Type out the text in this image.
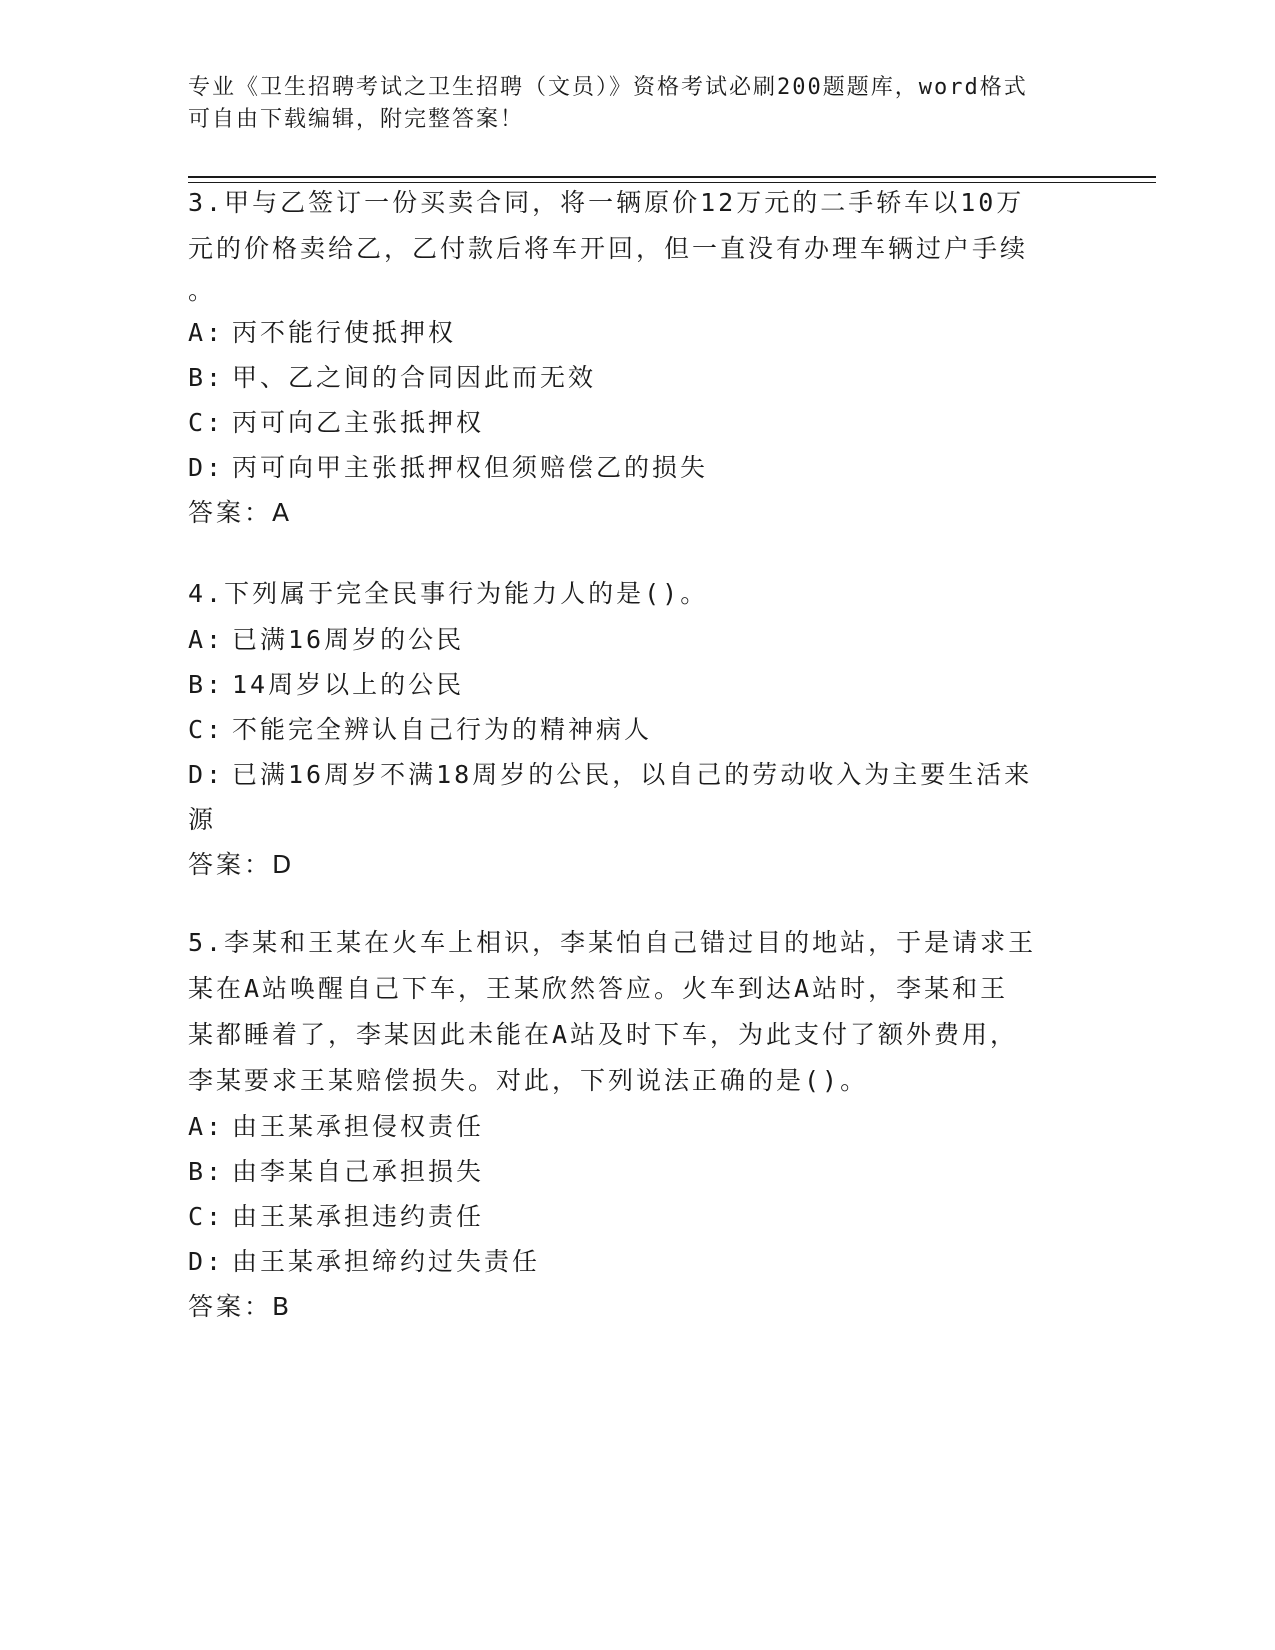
专业《卫生招聘考试之卫生招聘（文员）》资格考试必刷200题题库，word格式
可自由下载编辑，附完整答案！

3.甲与乙签订一份买卖合同，将一辆原价12万元的二手轿车以10万

元的价格卖给乙，乙付款后将车开回，但一直没有办理车辆过户手续

。

A: 丙不能行使抵押权

B: 甲、乙之间的合同因此而无效

C: 丙可向乙主张抵押权

D: 丙可向甲主张抵押权但须赔偿乙的损失

答案：A

4.下列属于完全民事行为能力人的是()。

A: 已满16周岁的公民

B: 14周岁以上的公民

C: 不能完全辨认自己行为的精神病人

D: 已满16周岁不满18周岁的公民，以自己的劳动收入为主要生活来

源

答案：D

5.李某和王某在火车上相识，李某怕自己错过目的地站，于是请求王

某在A站唤醒自己下车，王某欣然答应。火车到达A站时，李某和王

某都睡着了，李某因此未能在A站及时下车，为此支付了额外费用，

李某要求王某赔偿损失。对此，下列说法正确的是()。

A: 由王某承担侵权责任

B: 由李某自己承担损失

C: 由王某承担违约责任

D: 由王某承担缔约过失责任

答案：B
